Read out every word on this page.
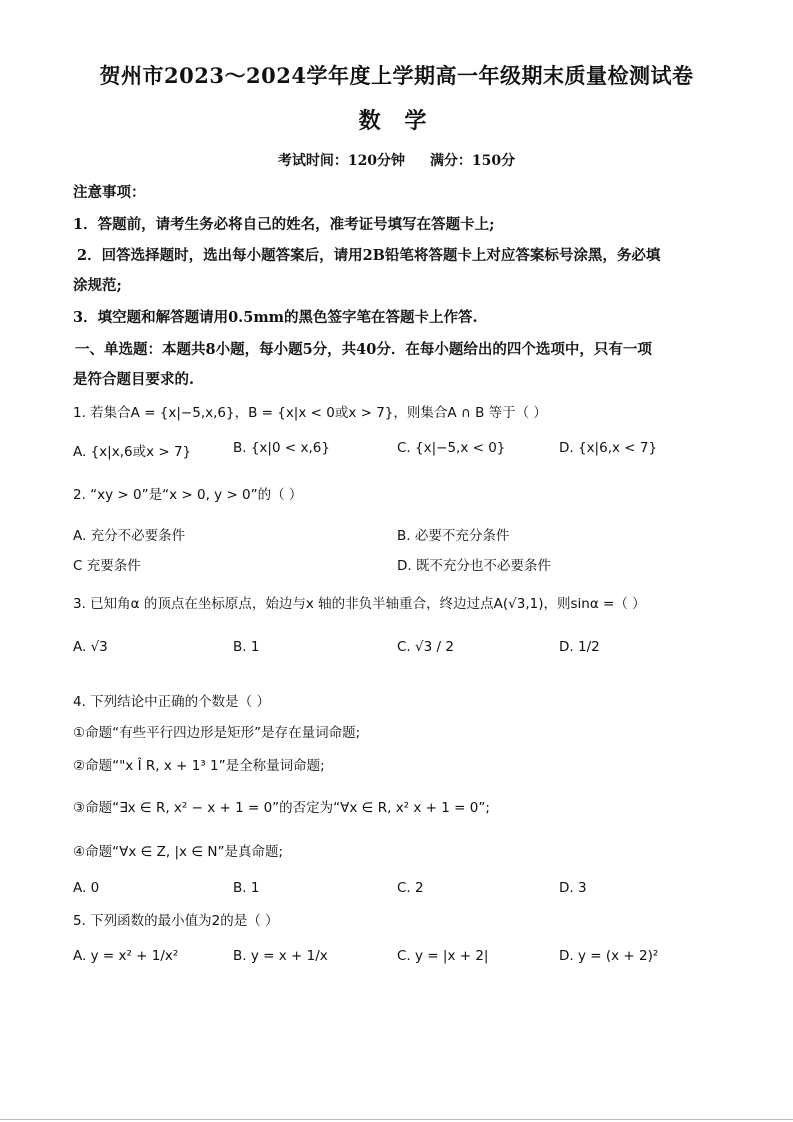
贺州市2023～2024学年度上学期高一年级期末质量检测试卷
数 学
考试时间：120分钟 满分：150分
注意事项：
1．答题前，请考生务必将自己的姓名，准考证号填写在答题卡上;
2．回答选择题时，选出每小题答案后，请用2B铅笔将答题卡上对应答案标号涂黑，务必填
涂规范;
3．填空题和解答题请用0.5mm的黑色签字笔在答题卡上作答.
一、单选题：本题共8小题，每小题5分，共40分．在每小题给出的四个选项中，只有一项
是符合题目要求的.
1. 若集合A = {x|−5,x,6}，B = {x|x < 0或x > 7}，则集合A ∩ B 等于（ ）
A. {x|x,6或x > 7}	B. {x|0 < x,6}	C. {x|−5,x < 0}	D. {x|6,x < 7}
2. “xy > 0”是“x > 0, y > 0”的（ ）
A. 充分不必要条件	B. 必要不充分条件
C 充要条件	D. 既不充分也不必要条件
3. 已知角α 的顶点在坐标原点，始边与x 轴的非负半轴重合，终边过点A(√3,1)，则sinα =（ ）
A. √3	B. 1	C. √3 / 2	D. 1/2
4. 下列结论中正确的个数是（ ）
①命题“有些平行四边形是矩形”是存在量词命题;
②命题“"x Î R, x + 1³ 1”是全称量词命题;
③命题“∃x ∈ R, x² − x + 1 = 0”的否定为“∀x ∈ R, x² x + 1 = 0”;
④命题“∀x ∈ Z, |x ∈ N”是真命题;
A. 0	B. 1	C. 2	D. 3
5. 下列函数的最小值为2的是（ ）
A. y = x² + 1/x²	B. y = x + 1/x	C. y = |x + 2|	D. y = (x + 2)²
